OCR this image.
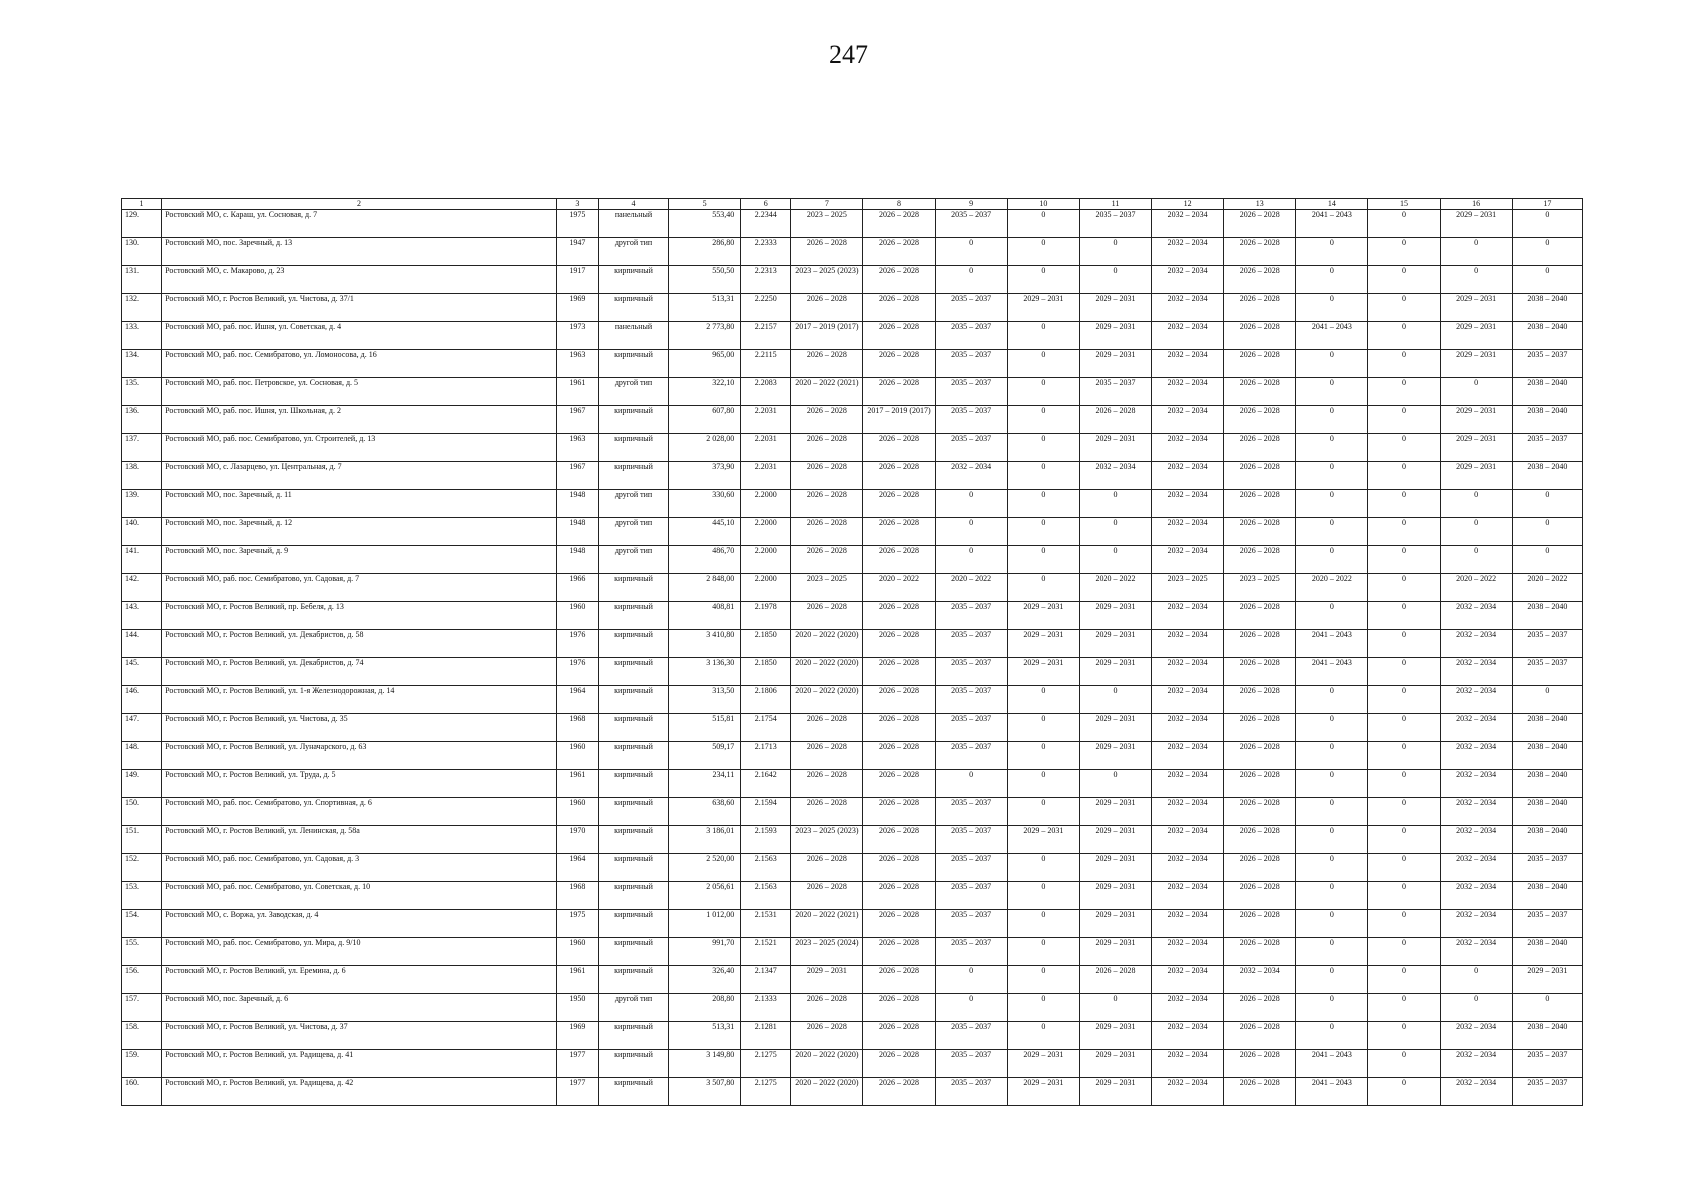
247
1	2	3	4	5	6	7	8	9	10	11	12	13	14	15	16	17
129.	Ростовский МО, с. Караш, ул. Сосновая, д. 7	1975	панельный	553,40	2.2344	2023 – 2025	2026 – 2028	2035 – 2037	0	2035 – 2037	2032 – 2034	2026 – 2028	2041 – 2043	0	2029 – 2031	0
130.	Ростовский МО, пос. Заречный, д. 13	1947	другой тип	286,80	2.2333	2026 – 2028	2026 – 2028	0	0	0	2032 – 2034	2026 – 2028	0	0	0	0
131.	Ростовский МО, с. Макарово, д. 23	1917	кирпичный	550,50	2.2313	2023 – 2025 (2023)	2026 – 2028	0	0	0	2032 – 2034	2026 – 2028	0	0	0	0
132.	Ростовский МО, г. Ростов Великий, ул. Чистова, д. 37/1	1969	кирпичный	513,31	2.2250	2026 – 2028	2026 – 2028	2035 – 2037	2029 – 2031	2029 – 2031	2032 – 2034	2026 – 2028	0	0	2029 – 2031	2038 – 2040
133.	Ростовский МО, раб. пос. Ишня, ул. Советская, д. 4	1973	панельный	2 773,80	2.2157	2017 – 2019 (2017)	2026 – 2028	2035 – 2037	0	2029 – 2031	2032 – 2034	2026 – 2028	2041 – 2043	0	2029 – 2031	2038 – 2040
134.	Ростовский МО, раб. пос. Семибратово, ул. Ломоносова, д. 16	1963	кирпичный	965,00	2.2115	2026 – 2028	2026 – 2028	2035 – 2037	0	2029 – 2031	2032 – 2034	2026 – 2028	0	0	2029 – 2031	2035 – 2037
135.	Ростовский МО, раб. пос. Петровское, ул. Сосновая, д. 5	1961	другой тип	322,10	2.2083	2020 – 2022 (2021)	2026 – 2028	2035 – 2037	0	2035 – 2037	2032 – 2034	2026 – 2028	0	0	0	2038 – 2040
136.	Ростовский МО, раб. пос. Ишня, ул. Школьная, д. 2	1967	кирпичный	607,80	2.2031	2026 – 2028	2017 – 2019 (2017)	2035 – 2037	0	2026 – 2028	2032 – 2034	2026 – 2028	0	0	2029 – 2031	2038 – 2040
137.	Ростовский МО, раб. пос. Семибратово, ул. Строителей, д. 13	1963	кирпичный	2 028,00	2.2031	2026 – 2028	2026 – 2028	2035 – 2037	0	2029 – 2031	2032 – 2034	2026 – 2028	0	0	2029 – 2031	2035 – 2037
138.	Ростовский МО, с. Лазарцево, ул. Центральная, д. 7	1967	кирпичный	373,90	2.2031	2026 – 2028	2026 – 2028	2032 – 2034	0	2032 – 2034	2032 – 2034	2026 – 2028	0	0	2029 – 2031	2038 – 2040
139.	Ростовский МО, пос. Заречный, д. 11	1948	другой тип	330,60	2.2000	2026 – 2028	2026 – 2028	0	0	0	2032 – 2034	2026 – 2028	0	0	0	0
140.	Ростовский МО, пос. Заречный, д. 12	1948	другой тип	445,10	2.2000	2026 – 2028	2026 – 2028	0	0	0	2032 – 2034	2026 – 2028	0	0	0	0
141.	Ростовский МО, пос. Заречный, д. 9	1948	другой тип	486,70	2.2000	2026 – 2028	2026 – 2028	0	0	0	2032 – 2034	2026 – 2028	0	0	0	0
142.	Ростовский МО, раб. пос. Семибратово, ул. Садовая, д. 7	1966	кирпичный	2 848,00	2.2000	2023 – 2025	2020 – 2022	2020 – 2022	0	2020 – 2022	2023 – 2025	2023 – 2025	2020 – 2022	0	2020 – 2022	2020 – 2022
143.	Ростовский МО, г. Ростов Великий, пр. Бебеля, д. 13	1960	кирпичный	408,81	2.1978	2026 – 2028	2026 – 2028	2035 – 2037	2029 – 2031	2029 – 2031	2032 – 2034	2026 – 2028	0	0	2032 – 2034	2038 – 2040
144.	Ростовский МО, г. Ростов Великий, ул. Декабристов, д. 58	1976	кирпичный	3 410,80	2.1850	2020 – 2022 (2020)	2026 – 2028	2035 – 2037	2029 – 2031	2029 – 2031	2032 – 2034	2026 – 2028	2041 – 2043	0	2032 – 2034	2035 – 2037
145.	Ростовский МО, г. Ростов Великий, ул. Декабристов, д. 74	1976	кирпичный	3 136,30	2.1850	2020 – 2022 (2020)	2026 – 2028	2035 – 2037	2029 – 2031	2029 – 2031	2032 – 2034	2026 – 2028	2041 – 2043	0	2032 – 2034	2035 – 2037
146.	Ростовский МО, г. Ростов Великий, ул. 1-я Железнодорожная, д. 14	1964	кирпичный	313,50	2.1806	2020 – 2022 (2020)	2026 – 2028	2035 – 2037	0	0	2032 – 2034	2026 – 2028	0	0	2032 – 2034	0
147.	Ростовский МО, г. Ростов Великий, ул. Чистова, д. 35	1968	кирпичный	515,81	2.1754	2026 – 2028	2026 – 2028	2035 – 2037	0	2029 – 2031	2032 – 2034	2026 – 2028	0	0	2032 – 2034	2038 – 2040
148.	Ростовский МО, г. Ростов Великий, ул. Луначарского, д. 63	1960	кирпичный	509,17	2.1713	2026 – 2028	2026 – 2028	2035 – 2037	0	2029 – 2031	2032 – 2034	2026 – 2028	0	0	2032 – 2034	2038 – 2040
149.	Ростовский МО, г. Ростов Великий, ул. Труда, д. 5	1961	кирпичный	234,11	2.1642	2026 – 2028	2026 – 2028	0	0	0	2032 – 2034	2026 – 2028	0	0	2032 – 2034	2038 – 2040
150.	Ростовский МО, раб. пос. Семибратово, ул. Спортивная, д. 6	1960	кирпичный	638,60	2.1594	2026 – 2028	2026 – 2028	2035 – 2037	0	2029 – 2031	2032 – 2034	2026 – 2028	0	0	2032 – 2034	2038 – 2040
151.	Ростовский МО, г. Ростов Великий, ул. Ленинская, д. 58а	1970	кирпичный	3 186,01	2.1593	2023 – 2025 (2023)	2026 – 2028	2035 – 2037	2029 – 2031	2029 – 2031	2032 – 2034	2026 – 2028	0	0	2032 – 2034	2038 – 2040
152.	Ростовский МО, раб. пос. Семибратово, ул. Садовая, д. 3	1964	кирпичный	2 520,00	2.1563	2026 – 2028	2026 – 2028	2035 – 2037	0	2029 – 2031	2032 – 2034	2026 – 2028	0	0	2032 – 2034	2035 – 2037
153.	Ростовский МО, раб. пос. Семибратово, ул. Советская, д. 10	1968	кирпичный	2 056,61	2.1563	2026 – 2028	2026 – 2028	2035 – 2037	0	2029 – 2031	2032 – 2034	2026 – 2028	0	0	2032 – 2034	2038 – 2040
154.	Ростовский МО, с. Воржа, ул. Заводская, д. 4	1975	кирпичный	1 012,00	2.1531	2020 – 2022 (2021)	2026 – 2028	2035 – 2037	0	2029 – 2031	2032 – 2034	2026 – 2028	0	0	2032 – 2034	2035 – 2037
155.	Ростовский МО, раб. пос. Семибратово, ул. Мира, д. 9/10	1960	кирпичный	991,70	2.1521	2023 – 2025 (2024)	2026 – 2028	2035 – 2037	0	2029 – 2031	2032 – 2034	2026 – 2028	0	0	2032 – 2034	2038 – 2040
156.	Ростовский МО, г. Ростов Великий, ул. Еремина, д. 6	1961	кирпичный	326,40	2.1347	2029 – 2031	2026 – 2028	0	0	2026 – 2028	2032 – 2034	2032 – 2034	0	0	0	2029 – 2031
157.	Ростовский МО, пос. Заречный, д. 6	1950	другой тип	208,80	2.1333	2026 – 2028	2026 – 2028	0	0	0	2032 – 2034	2026 – 2028	0	0	0	0
158.	Ростовский МО, г. Ростов Великий, ул. Чистова, д. 37	1969	кирпичный	513,31	2.1281	2026 – 2028	2026 – 2028	2035 – 2037	0	2029 – 2031	2032 – 2034	2026 – 2028	0	0	2032 – 2034	2038 – 2040
159.	Ростовский МО, г. Ростов Великий, ул. Радищева, д. 41	1977	кирпичный	3 149,80	2.1275	2020 – 2022 (2020)	2026 – 2028	2035 – 2037	2029 – 2031	2029 – 2031	2032 – 2034	2026 – 2028	2041 – 2043	0	2032 – 2034	2035 – 2037
160.	Ростовский МО, г. Ростов Великий, ул. Радищева, д. 42	1977	кирпичный	3 507,80	2.1275	2020 – 2022 (2020)	2026 – 2028	2035 – 2037	2029 – 2031	2029 – 2031	2032 – 2034	2026 – 2028	2041 – 2043	0	2032 – 2034	2035 – 2037
